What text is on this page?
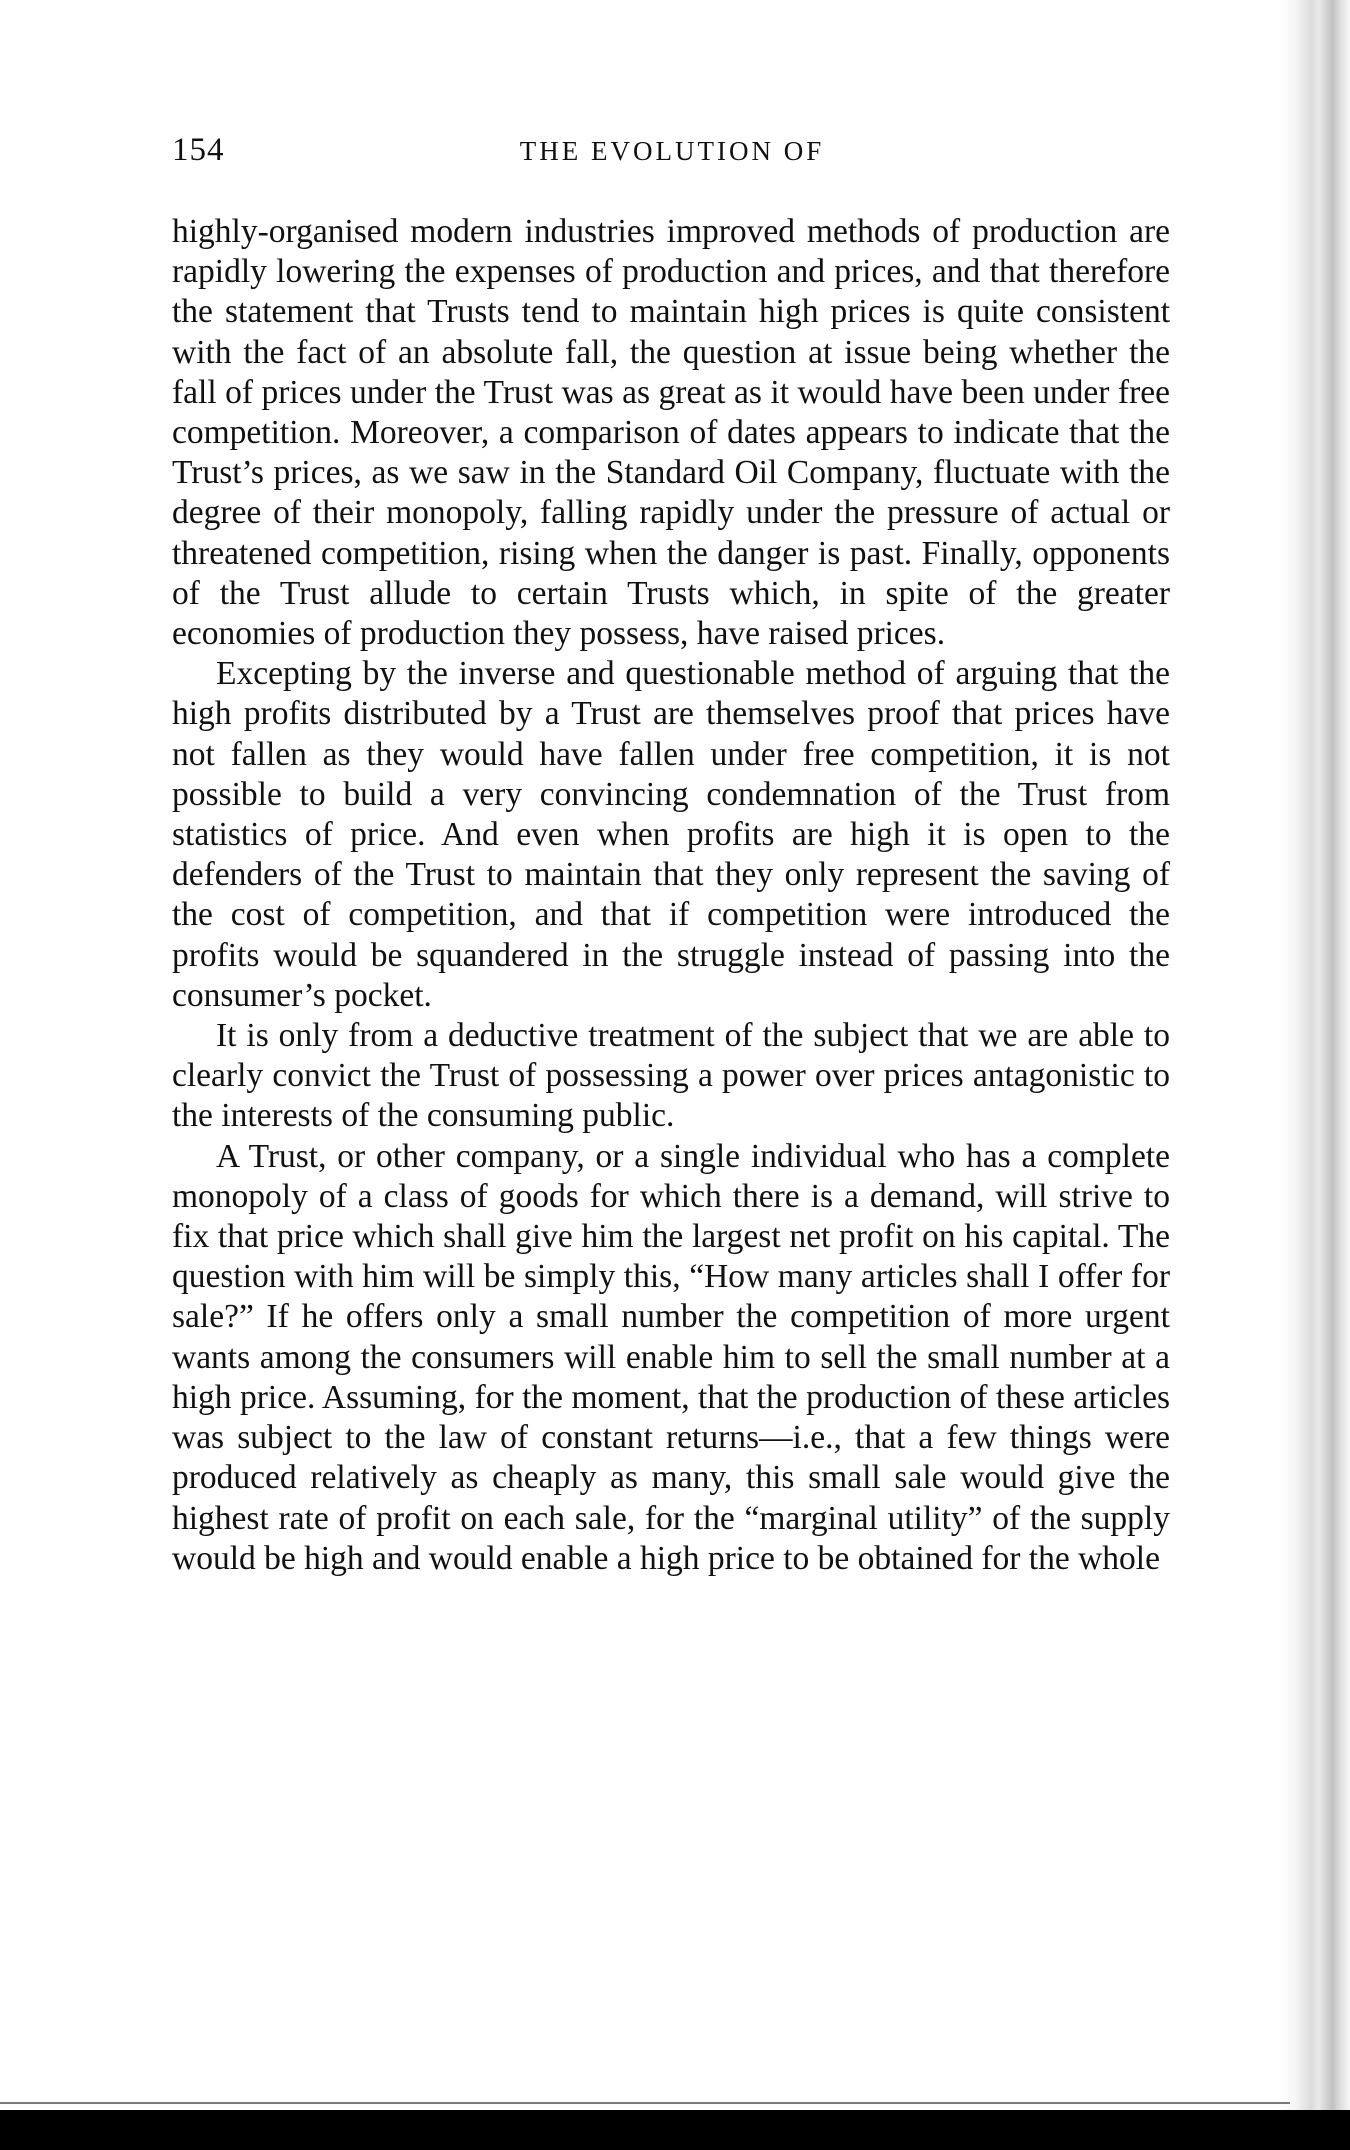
154	THE EVOLUTION OF

highly-organised modern industries improved methods of production are rapidly lowering the expenses of production and prices, and that therefore the statement that Trusts tend to maintain high prices is quite consistent with the fact of an absolute fall, the question at issue being whether the fall of prices under the Trust was as great as it would have been under free competition. Moreover, a comparison of dates appears to indicate that the Trust’s prices, as we saw in the Standard Oil Company, fluctuate with the degree of their monopoly, falling rapidly under the pressure of actual or threatened competition, rising when the danger is past. Finally, opponents of the Trust allude to certain Trusts which, in spite of the greater economies of production they possess, have raised prices.

Excepting by the inverse and questionable method of arguing that the high profits distributed by a Trust are themselves proof that prices have not fallen as they would have fallen under free competition, it is not possible to build a very convincing condemnation of the Trust from statistics of price. And even when profits are high it is open to the defenders of the Trust to maintain that they only represent the saving of the cost of competition, and that if competition were introduced the profits would be squandered in the struggle instead of passing into the consumer’s pocket.

It is only from a deductive treatment of the subject that we are able to clearly convict the Trust of possessing a power over prices antagonistic to the interests of the consuming public.

A Trust, or other company, or a single individual who has a complete monopoly of a class of goods for which there is a demand, will strive to fix that price which shall give him the largest net profit on his capital. The question with him will be simply this, “How many articles shall I offer for sale?” If he offers only a small number the competition of more urgent wants among the consumers will enable him to sell the small number at a high price. Assuming, for the moment, that the production of these articles was subject to the law of constant returns—i.e., that a few things were produced relatively as cheaply as many, this small sale would give the highest rate of profit on each sale, for the “marginal utility” of the supply would be high and would enable a high price to be obtained for the whole
